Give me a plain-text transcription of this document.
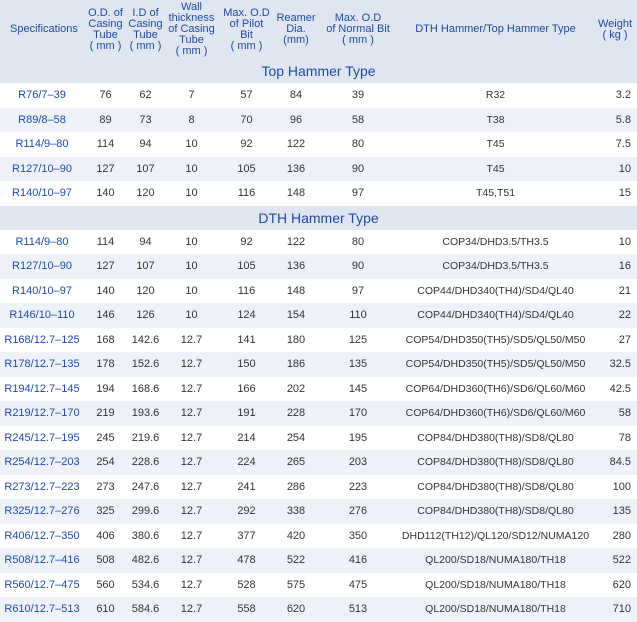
Specifications	O.D. of
Casing
Tube
( mm )	I.D of
Casing
Tube
( mm )	Wall
thickness
of Casing
Tube
( mm )	Max. O.D
of Pilot
Bit
( mm )	Reamer
Dia.
(mm)	Max. O.D
of Normal Bit
( mm )	DTH Hammer/Top Hammer Type	Weight
( kg )
Top Hammer Type								
R76/7–39	76	62	7	57	84	39	R32	3.2
R89/8–58	89	73	8	70	96	58	T38	5.8
R114/9–80	114	94	10	92	122	80	T45	7.5
R127/10–90	127	107	10	105	136	90	T45	10
R140/10–97	140	120	10	116	148	97	T45,T51	15
DTH Hammer Type								
R114/9–80	114	94	10	92	122	80	COP34/DHD3.5/TH3.5	10
R127/10–90	127	107	10	105	136	90	COP34/DHD3.5/TH3.5	16
R140/10–97	140	120	10	116	148	97	COP44/DHD340(TH4)/SD4/QL40	21
R146/10–110	146	126	10	124	154	110	COP44/DHD340(TH4)/SD4/QL40	22
R168/12.7–125	168	142.6	12.7	141	180	125	COP54/DHD350(TH5)/SD5/QL50/M50	27
R178/12.7–135	178	152.6	12.7	150	186	135	COP54/DHD350(TH5)/SD5/QL50/M50	32.5
R194/12.7–145	194	168.6	12.7	166	202	145	COP64/DHD360(TH6)/SD6/QL60/M60	42.5
R219/12.7–170	219	193.6	12.7	191	228	170	COP64/DHD360(TH6)/SD6/QL60/M60	58
R245/12.7–195	245	219.6	12.7	214	254	195	COP84/DHD380(TH8)/SD8/QL80	78
R254/12.7–203	254	228.6	12.7	224	265	203	COP84/DHD380(TH8)/SD8/QL80	84.5
R273/12.7–223	273	247.6	12.7	241	286	223	COP84/DHD380(TH8)/SD8/QL80	100
R325/12.7–276	325	299.6	12.7	292	338	276	COP84/DHD380(TH8)/SD8/QL80	135
R406/12.7–350	406	380.6	12.7	377	420	350	DHD112(TH12)/QL120/SD12/NUMA120	280
R508/12.7–416	508	482.6	12.7	478	522	416	QL200/SD18/NUMA180/TH18	522
R560/12.7–475	560	534.6	12.7	528	575	475	QL200/SD18/NUMA180/TH18	620
R610/12.7–513	610	584.6	12.7	558	620	513	QL200/SD18/NUMA180/TH18	710
